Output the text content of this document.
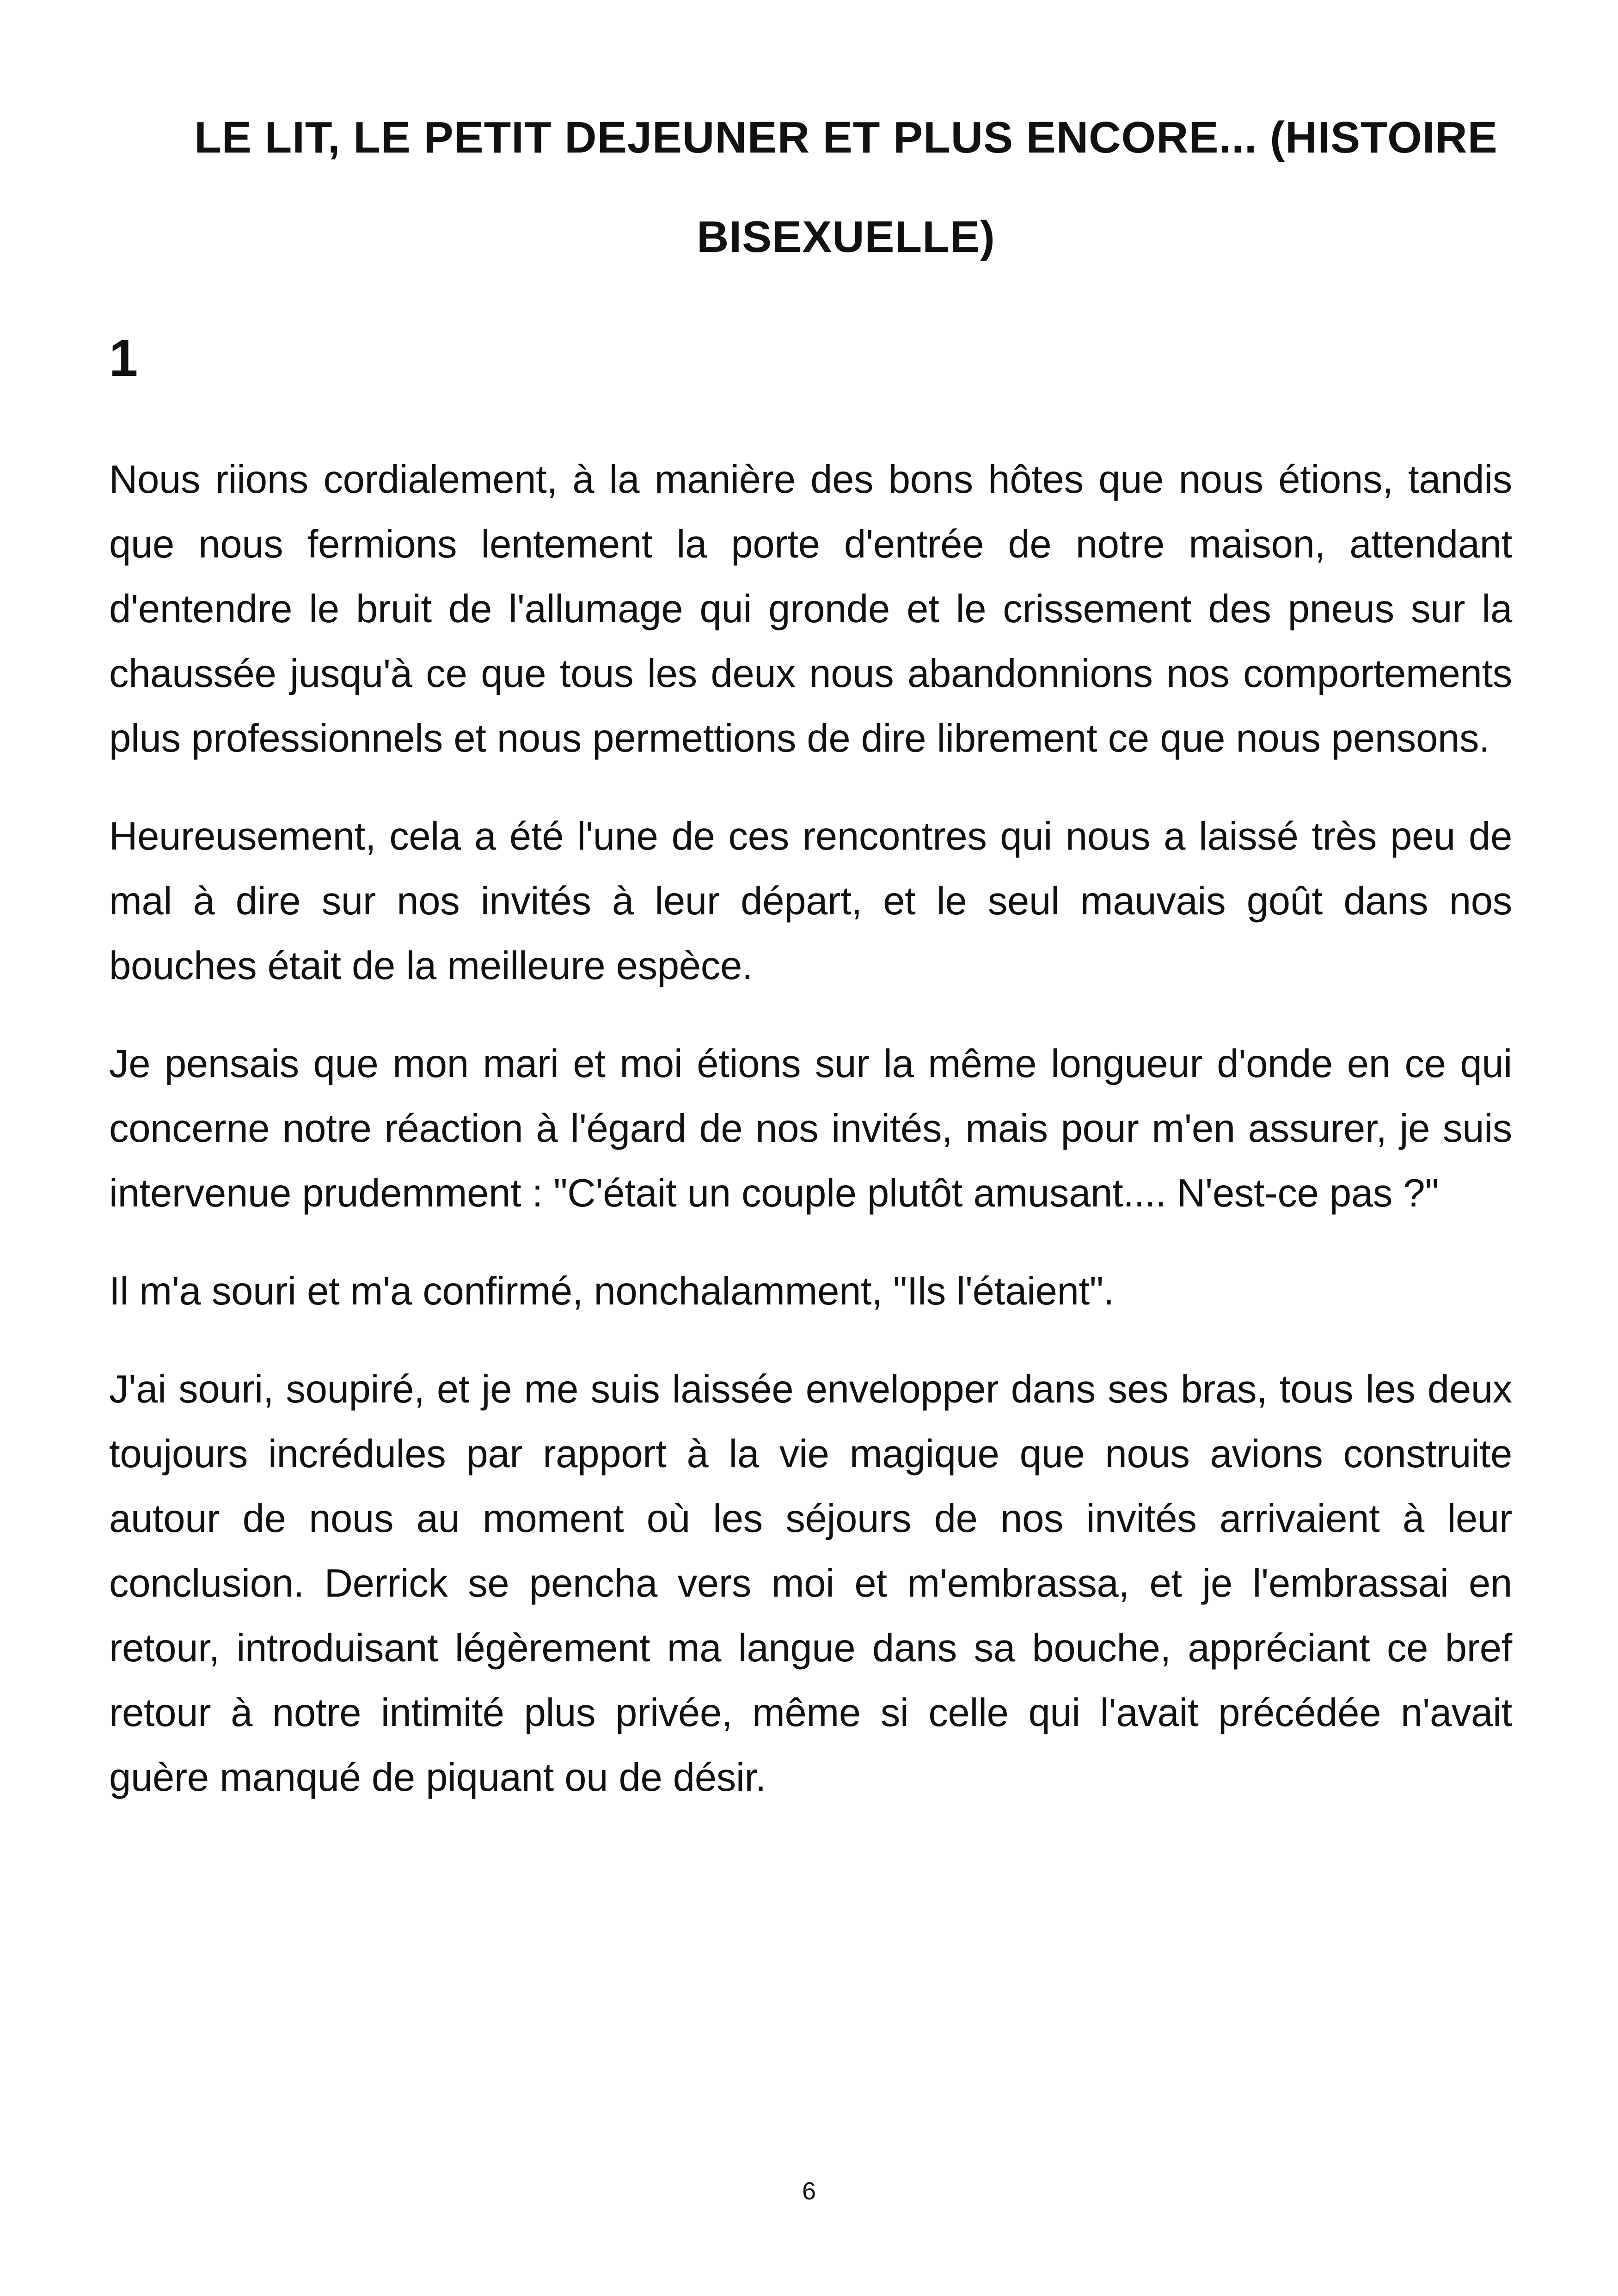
LE LIT, LE PETIT DEJEUNER ET PLUS ENCORE... (HISTOIRE BISEXUELLE)
1

Nous riions cordialement, à la manière des bons hôtes que nous étions, tandis que nous fermions lentement la porte d'entrée de notre maison, attendant d'entendre le bruit de l'allumage qui gronde et le crissement des pneus sur la chaussée jusqu'à ce que tous les deux nous abandonnions nos comportements plus professionnels et nous permettions de dire librement ce que nous pensons.

Heureusement, cela a été l'une de ces rencontres qui nous a laissé très peu de mal à dire sur nos invités à leur départ, et le seul mauvais goût dans nos bouches était de la meilleure espèce.

Je pensais que mon mari et moi étions sur la même longueur d'onde en ce qui concerne notre réaction à l'égard de nos invités, mais pour m'en assurer, je suis intervenue prudemment : "C'était un couple plutôt amusant.... N'est-ce pas ?"

Il m'a souri et m'a confirmé, nonchalamment, "Ils l'étaient".

J'ai souri, soupiré, et je me suis laissée envelopper dans ses bras, tous les deux toujours incrédules par rapport à la vie magique que nous avions construite autour de nous au moment où les séjours de nos invités arrivaient à leur conclusion. Derrick se pencha vers moi et m'embrassa, et je l'embrassai en retour, introduisant légèrement ma langue dans sa bouche, appréciant ce bref retour à notre intimité plus privée, même si celle qui l'avait précédée n'avait guère manqué de piquant ou de désir.

6
